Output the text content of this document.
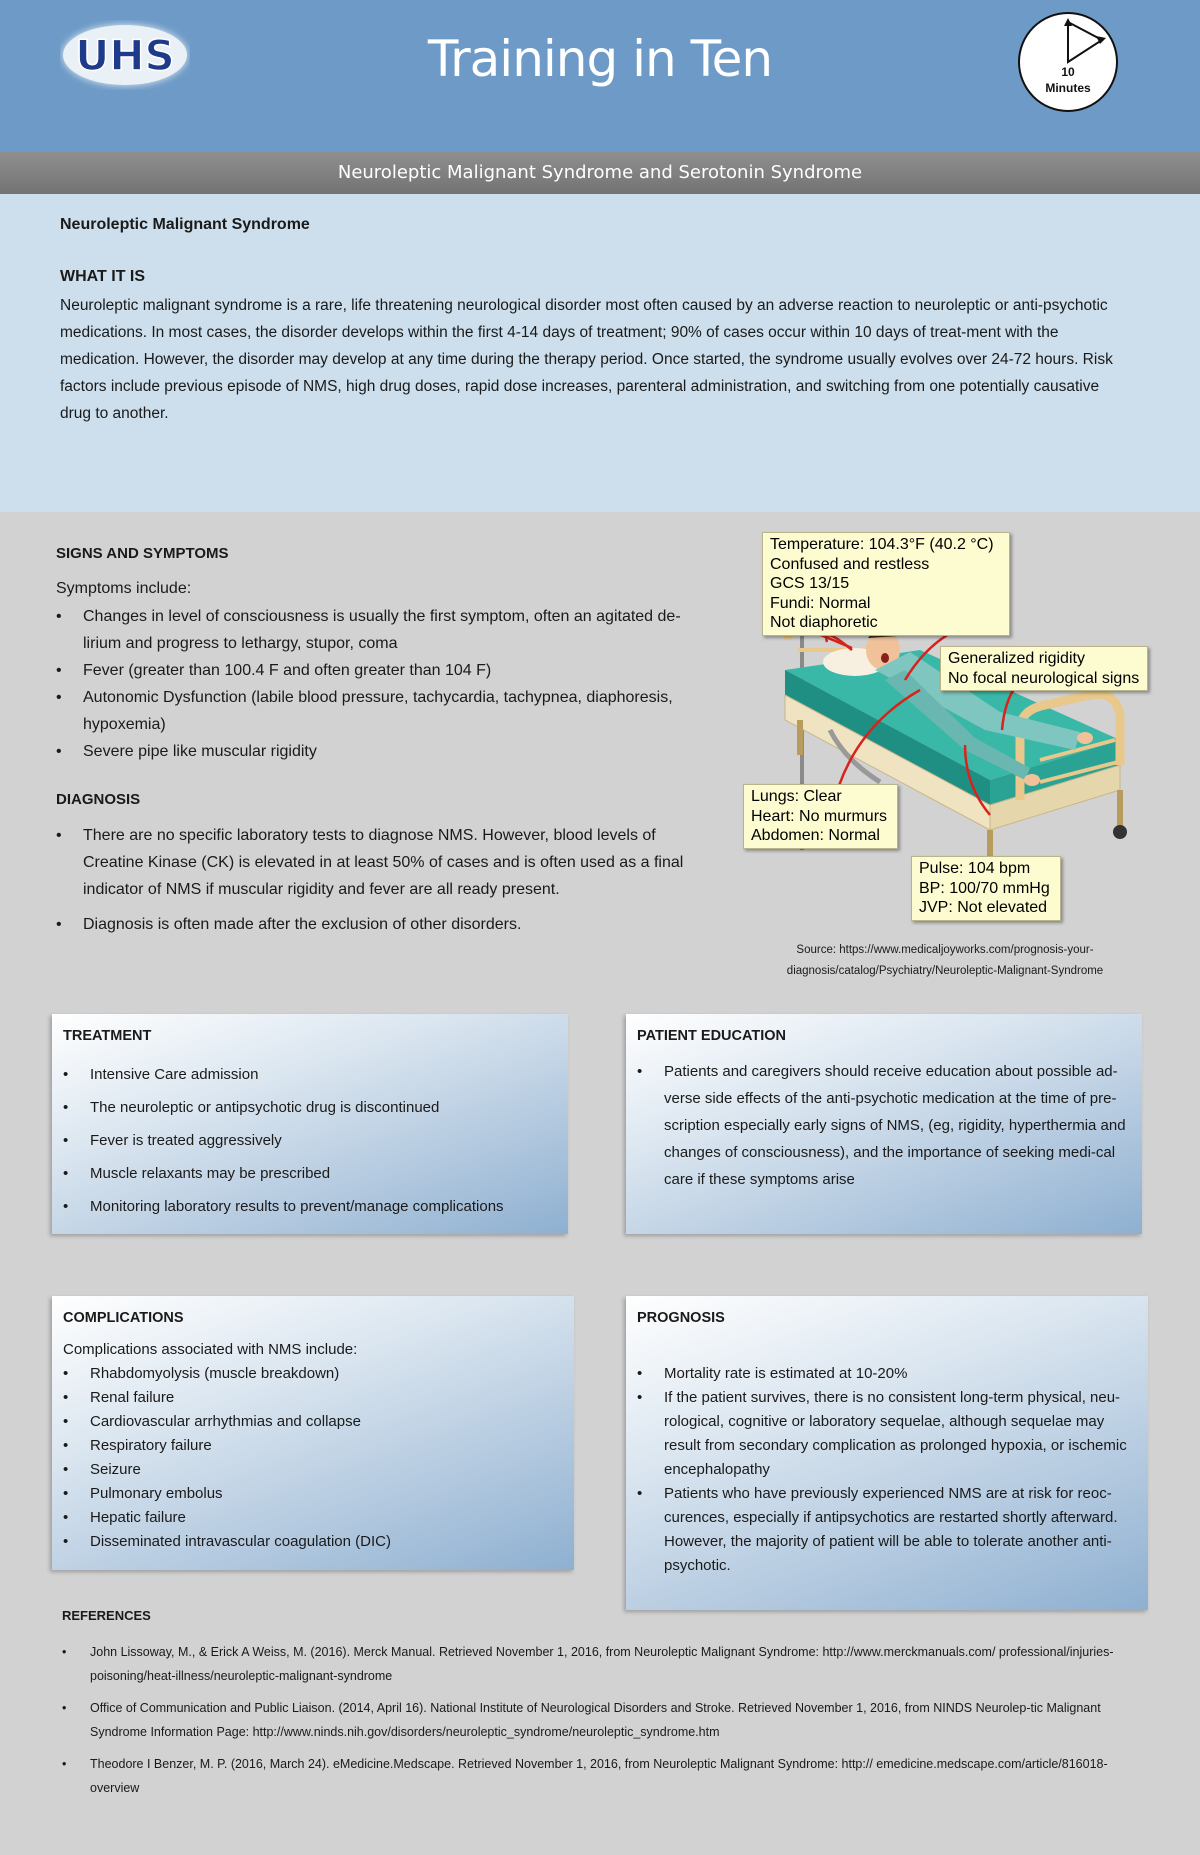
UHS	Training in Ten	10
Minutes
Neuroleptic Malignant Syndrome and Serotonin Syndrome
Neuroleptic Malignant Syndrome
WHAT IT IS

Neuroleptic malignant syndrome is a rare, life threatening neurological disorder most often caused by an adverse reaction to neuroleptic or anti-psychotic medications. In most cases, the disorder develops within the first 4-14 days of treatment; 90% of cases occur within 10 days of treat-ment with the medication. However, the disorder may develop at any time during the therapy period. Once started, the syndrome usually evolves over 24-72 hours. Risk factors include previous episode of NMS, high drug doses, rapid dose increases, parenteral administration, and switching from one potentially causative drug to another.

SIGNS AND SYMPTOMS
Symptoms include:
• Changes in level of consciousness is usually the first symptom, often an agitated de-lirium and progress to lethargy, stupor, coma
• Fever (greater than 100.4 F and often greater than 104 F)
• Autonomic Dysfunction (labile blood pressure, tachycardia, tachypnea, diaphoresis, hypoxemia)
• Severe pipe like muscular rigidity
DIAGNOSIS
• There are no specific laboratory tests to diagnose NMS. However, blood levels of Creatine Kinase (CK) is elevated in at least 50% of cases and is often used as a final indicator of NMS if muscular rigidity and fever are all ready present.
• Diagnosis is often made after the exclusion of other disorders.
Temperature: 104.3°F (40.2 °C)
Confused and restless
GCS 13/15
Fundi: Normal
Not diaphoretic
Generalized rigidity
No focal neurological signs
Lungs: Clear
Heart: No murmurs
Abdomen: Normal
Pulse: 104 bpm
BP: 100/70 mmHg
JVP: Not elevated
Source: https://www.medicaljoyworks.com/prognosis-your-diagnosis/catalog/Psychiatry/Neuroleptic-Malignant-Syndrome
TREATMENT
• Intensive Care admission
• The neuroleptic or antipsychotic drug is discontinued
• Fever is treated aggressively
• Muscle relaxants may be prescribed
• Monitoring laboratory results to prevent/manage complications
PATIENT EDUCATION
• Patients and caregivers should receive education about possible ad-verse side effects of the anti-psychotic medication at the time of pre-scription especially early signs of NMS, (eg, rigidity, hyperthermia and changes of consciousness), and the importance of seeking medi-cal care if these symptoms arise
COMPLICATIONS
Complications associated with NMS include:
• Rhabdomyolysis (muscle breakdown)
• Renal failure
• Cardiovascular arrhythmias and collapse
• Respiratory failure
• Seizure
• Pulmonary embolus
• Hepatic failure
• Disseminated intravascular coagulation (DIC)
PROGNOSIS
• Mortality rate is estimated at 10-20%
• If the patient survives, there is no consistent long-term physical, neu-rological, cognitive or laboratory sequelae, although sequelae may result from secondary complication as prolonged hypoxia, or ischemic encephalopathy
• Patients who have previously experienced NMS are at risk for reoc-curences, especially if antipsychotics are restarted shortly afterward. However, the majority of patient will be able to tolerate another anti-psychotic.
REFERENCES
• John Lissoway, M., & Erick A Weiss, M. (2016). Merck Manual. Retrieved November 1, 2016, from Neuroleptic Malignant Syndrome: http://www.merckmanuals.com/ professional/injuries-poisoning/heat-illness/neuroleptic-malignant-syndrome
• Office of Communication and Public Liaison. (2014, April 16). National Institute of Neurological Disorders and Stroke. Retrieved November 1, 2016, from NINDS Neurolep-tic Malignant Syndrome Information Page: http://www.ninds.nih.gov/disorders/neuroleptic_syndrome/neuroleptic_syndrome.htm
• Theodore I Benzer, M. P. (2016, March 24). eMedicine.Medscape. Retrieved November 1, 2016, from Neuroleptic Malignant Syndrome: http:// emedicine.medscape.com/article/816018-overview
